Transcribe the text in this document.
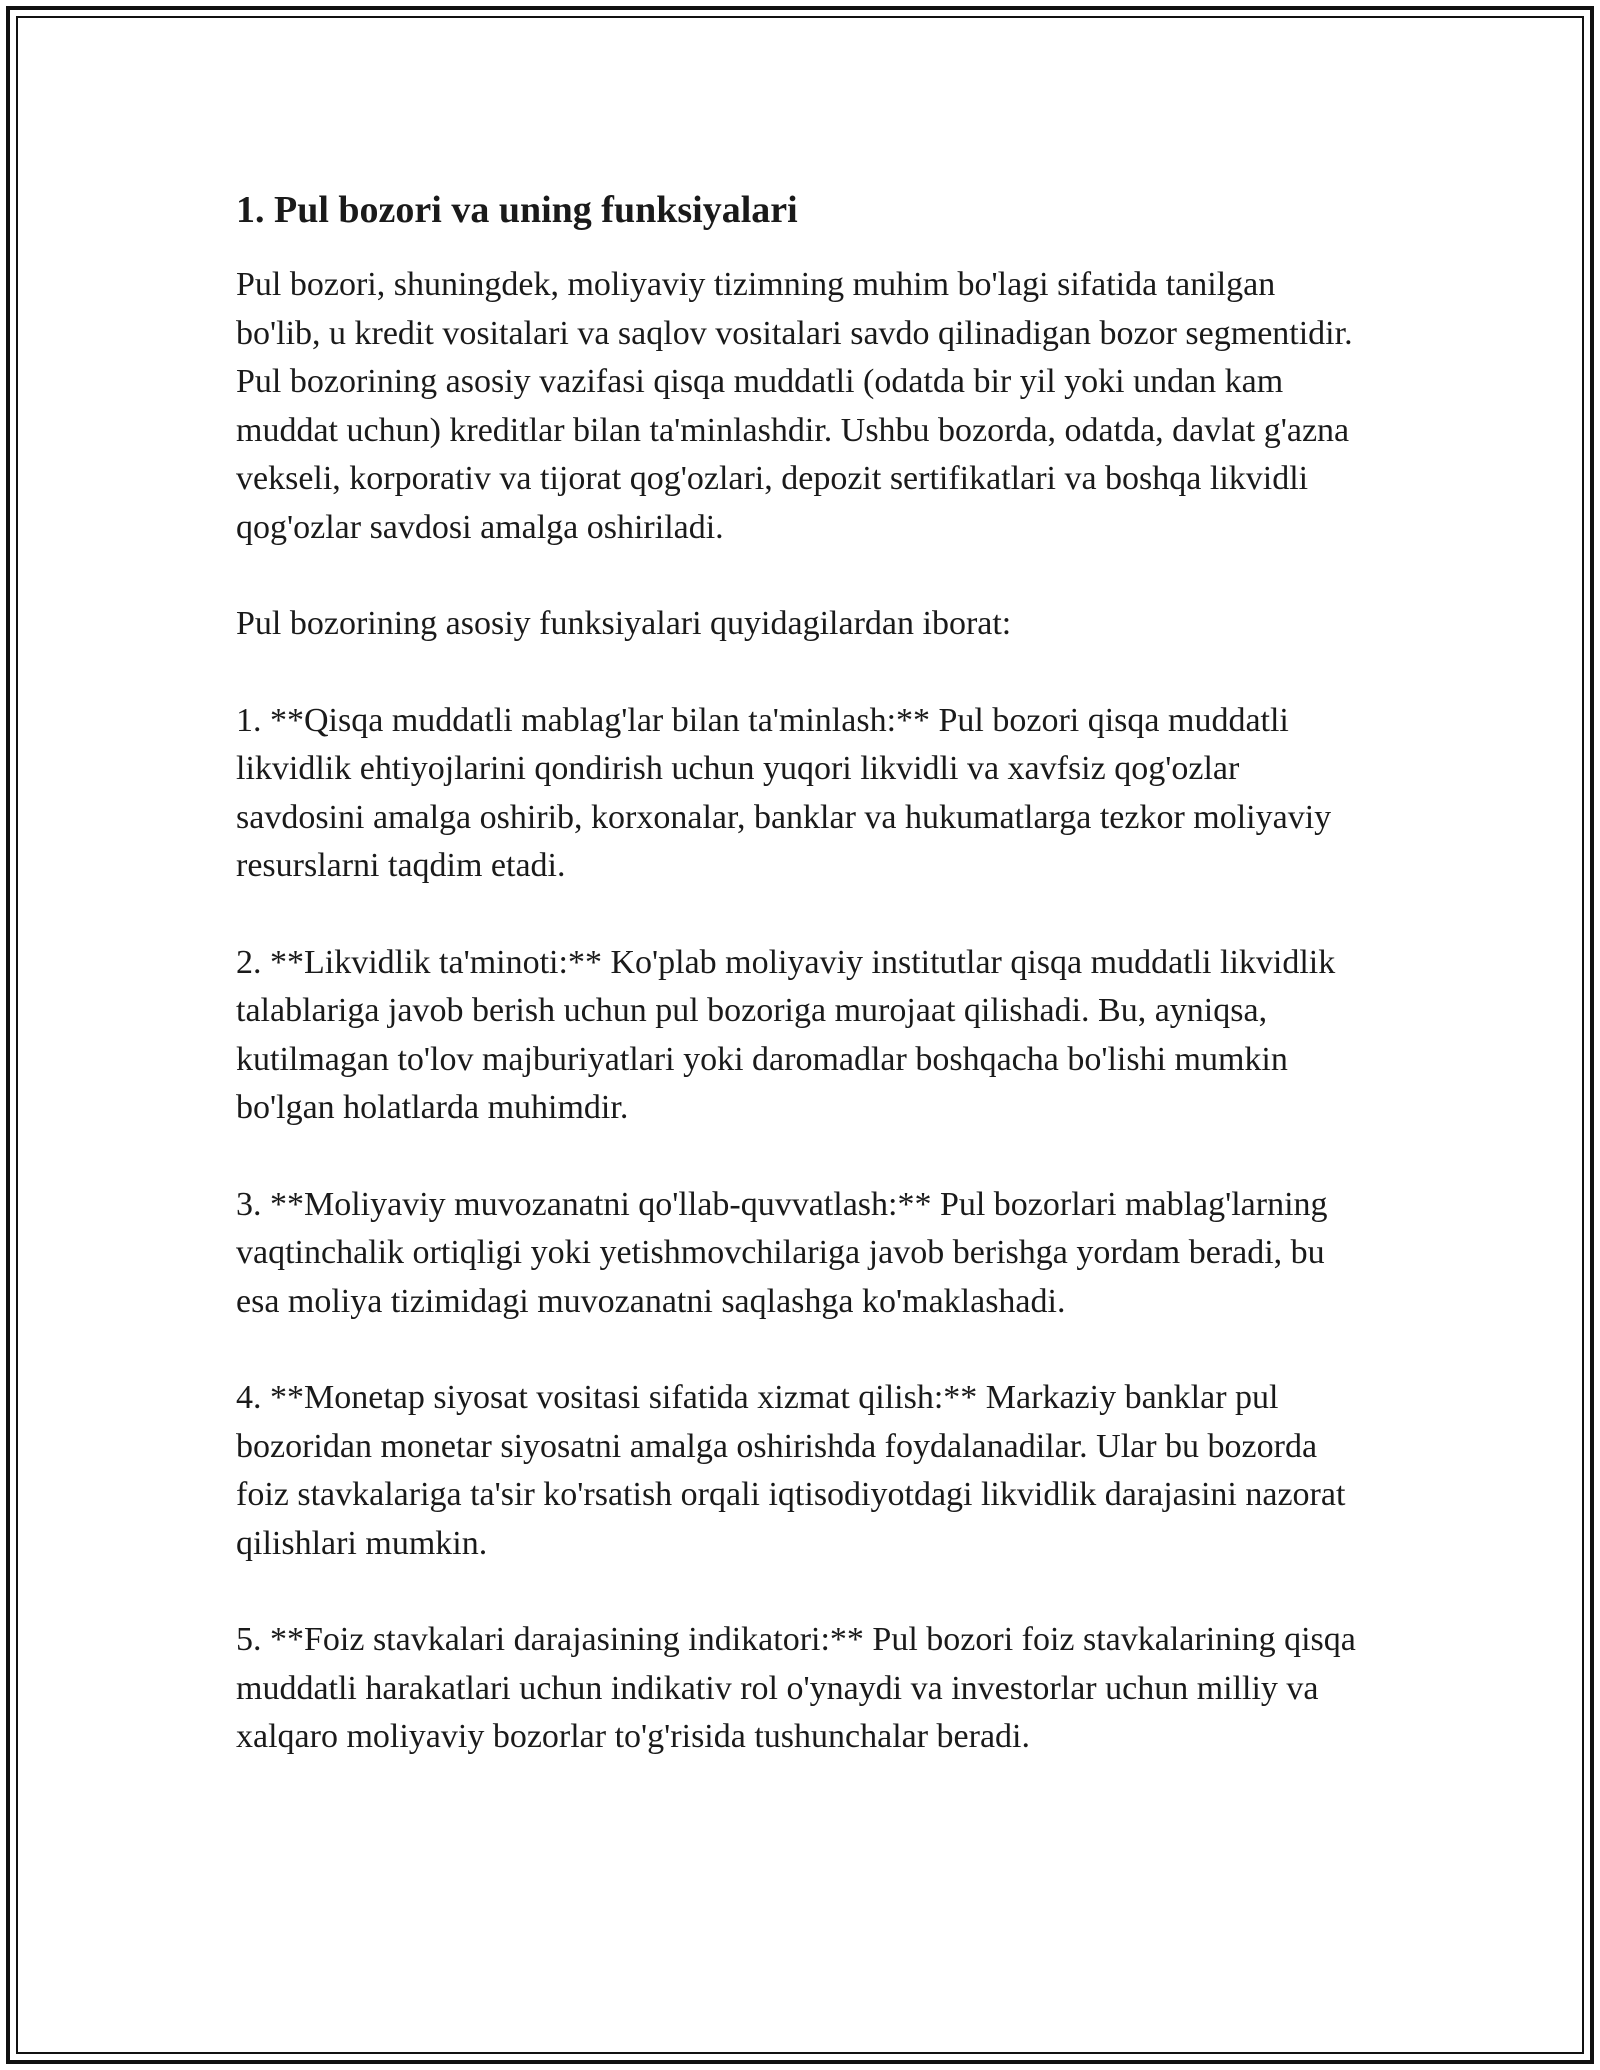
1. Pul bozori va uning funksiyalari

Pul bozori, shuningdek, moliyaviy tizimning muhim bo'lagi sifatida tanilgan bo'lib, u kredit vositalari va saqlov vositalari savdo qilinadigan bozor segmentidir. Pul bozorining asosiy vazifasi qisqa muddatli (odatda bir yil yoki undan kam muddat uchun) kreditlar bilan ta'minlashdir. Ushbu bozorda, odatda, davlat g'azna vekseli, korporativ va tijorat qog'ozlari, depozit sertifikatlari va boshqa likvidli qog'ozlar savdosi amalga oshiriladi.

Pul bozorining asosiy funksiyalari quyidagilardan iborat:

1. **Qisqa muddatli mablag'lar bilan ta'minlash:** Pul bozori qisqa muddatli likvidlik ehtiyojlarini qondirish uchun yuqori likvidli va xavfsiz qog'ozlar savdosini amalga oshirib, korxonalar, banklar va hukumatlarga tezkor moliyaviy resurslarni taqdim etadi.

2. **Likvidlik ta'minoti:** Ko'plab moliyaviy institutlar qisqa muddatli likvidlik talablariga javob berish uchun pul bozoriga murojaat qilishadi. Bu, ayniqsa, kutilmagan to'lov majburiyatlari yoki daromadlar boshqacha bo'lishi mumkin bo'lgan holatlarda muhimdir.

3. **Moliyaviy muvozanatni qo'llab-quvvatlash:** Pul bozorlari mablag'larning vaqtinchalik ortiqligi yoki yetishmovchilariga javob berishga yordam beradi, bu esa moliya tizimidagi muvozanatni saqlashga ko'maklashadi.

4. **Monetap siyosat vositasi sifatida xizmat qilish:** Markaziy banklar pul bozoridan monetar siyosatni amalga oshirishda foydalanadilar. Ular bu bozorda foiz stavkalariga ta'sir ko'rsatish orqali iqtisodiyotdagi likvidlik darajasini nazorat qilishlari mumkin.

5. **Foiz stavkalari darajasining indikatori:** Pul bozori foiz stavkalarining qisqa muddatli harakatlari uchun indikativ rol o'ynaydi va investorlar uchun milliy va xalqaro moliyaviy bozorlar to'g'risida tushunchalar beradi.
